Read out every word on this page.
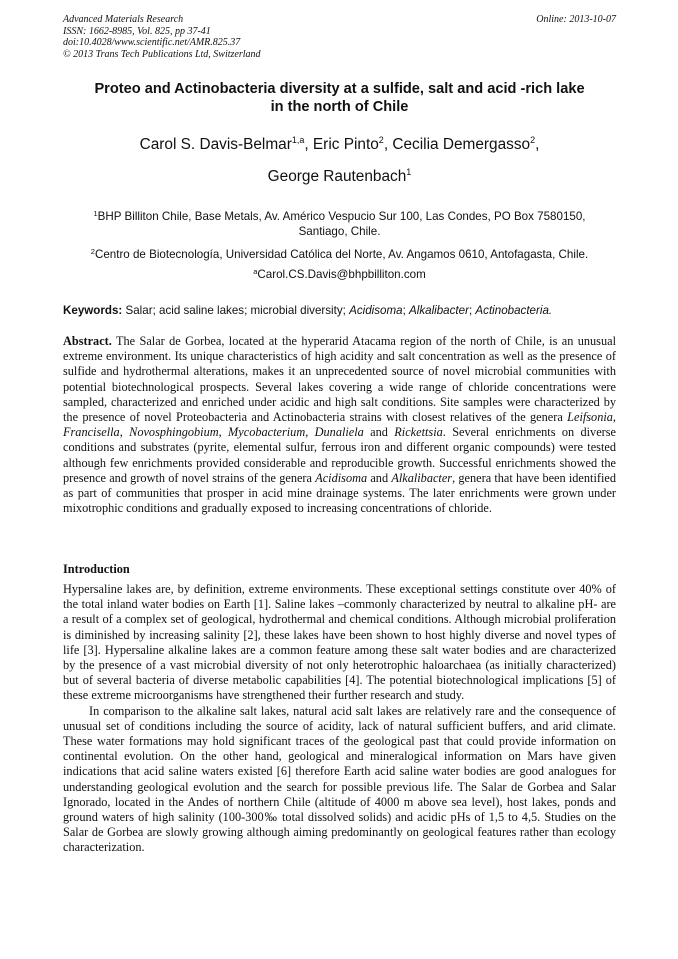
Advanced Materials Research
ISSN: 1662-8985, Vol. 825, pp 37-41
doi:10.4028/www.scientific.net/AMR.825.37
© 2013 Trans Tech Publications Ltd, Switzerland
Online: 2013-10-07
Proteo and Actinobacteria diversity at a sulfide, salt and acid -rich lake
in the north of Chile
Carol S. Davis-Belmar$^{1,a}$, Eric Pinto$^2$, Cecilia Demergasso$^2$,
George Rautenbach$^1$
$^1$BHP Billiton Chile, Base Metals, Av. Américo Vespucio Sur 100, Las Condes, PO Box 7580150,
Santiago, Chile.
$^2$Centro de Biotecnología, Universidad Católica del Norte, Av. Angamos 0610, Antofagasta, Chile.
$^a$Carol.CS.Davis@bhpbilliton.com
Keywords: Salar; acid saline lakes; microbial diversity; Acidisoma; Alkalibacter; Actinobacteria.

Abstract. The Salar de Gorbea, located at the hyperarid Atacama region of the north of Chile, is an unusual extreme environment. Its unique characteristics of high acidity and salt concentration as well as the presence of sulfide and hydrothermal alterations, makes it an unprecedented source of novel microbial communities with potential biotechnological prospects. Several lakes covering a wide range of chloride concentrations were sampled, characterized and enriched under acidic and high salt conditions. Site samples were characterized by the presence of novel Proteobacteria and Actinobacteria strains with closest relatives of the genera Leifsonia, Francisella, Novosphingobium, Mycobacterium, Dunaliela and Rickettsia. Several enrichments on diverse conditions and substrates (pyrite, elemental sulfur, ferrous iron and different organic compounds) were tested although few enrichments provided considerable and reproducible growth. Successful enrichments showed the presence and growth of novel strains of the genera Acidisoma and Alkalibacter, genera that have been identified as part of communities that prosper in acid mine drainage systems. The later enrichments were grown under mixotrophic conditions and gradually exposed to increasing concentrations of chloride.

Introduction

Hypersaline lakes are, by definition, extreme environments. These exceptional settings constitute over 40% of the total inland water bodies on Earth [1]. Saline lakes –commonly characterized by neutral to alkaline pH- are a result of a complex set of geological, hydrothermal and chemical conditions. Although microbial proliferation is diminished by increasing salinity [2], these lakes have been shown to host highly diverse and novel types of life [3]. Hypersaline alkaline lakes are a common feature among these salt water bodies and are characterized by the presence of a vast microbial diversity of not only heterotrophic haloarchaea (as initially characterized) but of several bacteria of diverse metabolic capabilities [4]. The potential biotechnological implications [5] of these extreme microorganisms have strengthened their further research and study.

In comparison to the alkaline salt lakes, natural acid salt lakes are relatively rare and the consequence of unusual set of conditions including the source of acidity, lack of natural sufficient buffers, and arid climate. These water formations may hold significant traces of the geological past that could provide information on continental evolution. On the other hand, geological and mineralogical information on Mars have given indications that acid saline waters existed [6] therefore Earth acid saline water bodies are good analogues for understanding geological evolution and the search for possible previous life. The Salar de Gorbea and Salar Ignorado, located in the Andes of northern Chile (altitude of 4000 m above sea level), host lakes, ponds and ground waters of high salinity (100-300‰ total dissolved solids) and acidic pHs of 1,5 to 4,5. Studies on the Salar de Gorbea are slowly growing although aiming predominantly on geological features rather than ecology characterization.
